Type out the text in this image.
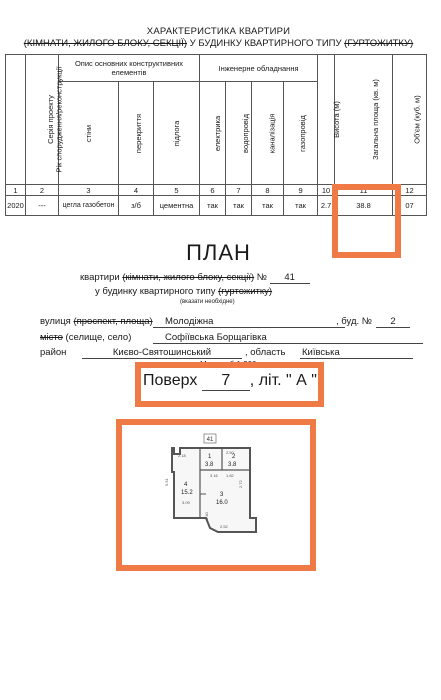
ХАРАКТЕРИСТИКА КВАРТИРИ
(КІМНАТИ, ЖИЛОГО БЛОКУ, СЕКЦІЇ) У БУДИНКУ КВАРТИРНОГО ТИПУ (ГУРТОЖИТКУ)
Рік спорудження/реконструкції	Серія проекту	Опис основних конструктивних елементів			Інженерне обладнання				Висота (м)	Загальна площа (кв. м)	Об'єм (куб. м)
		стіни	перекриття	підлога	електрика	водопровід	каналізація	газопровід			
1	2	3	4	5	6	7	8	9	10	11	12
2020	---	цегла газобетон	з/б	цементна	так	так	так	так	2.7	38.8	07
ПЛАН
квартири (кімнати, жилого блоку, секції) № 41
у будинку квартирного типу (гуртожитку)
(вказати необхідне)
вулиця (проспект, площа)	Молодіжна	, буд. №	2
місто (селище, село)	Софіївська Борщагівка
район	Києво-Святошинський	, область Київська
Поверх 7 , літ. " А "
41
1
3.8
2
3.8
3
16.0
4
15.2
2.18
2.50
1.82
5.51
3.09
3.16
2.72
2.40
2.52
